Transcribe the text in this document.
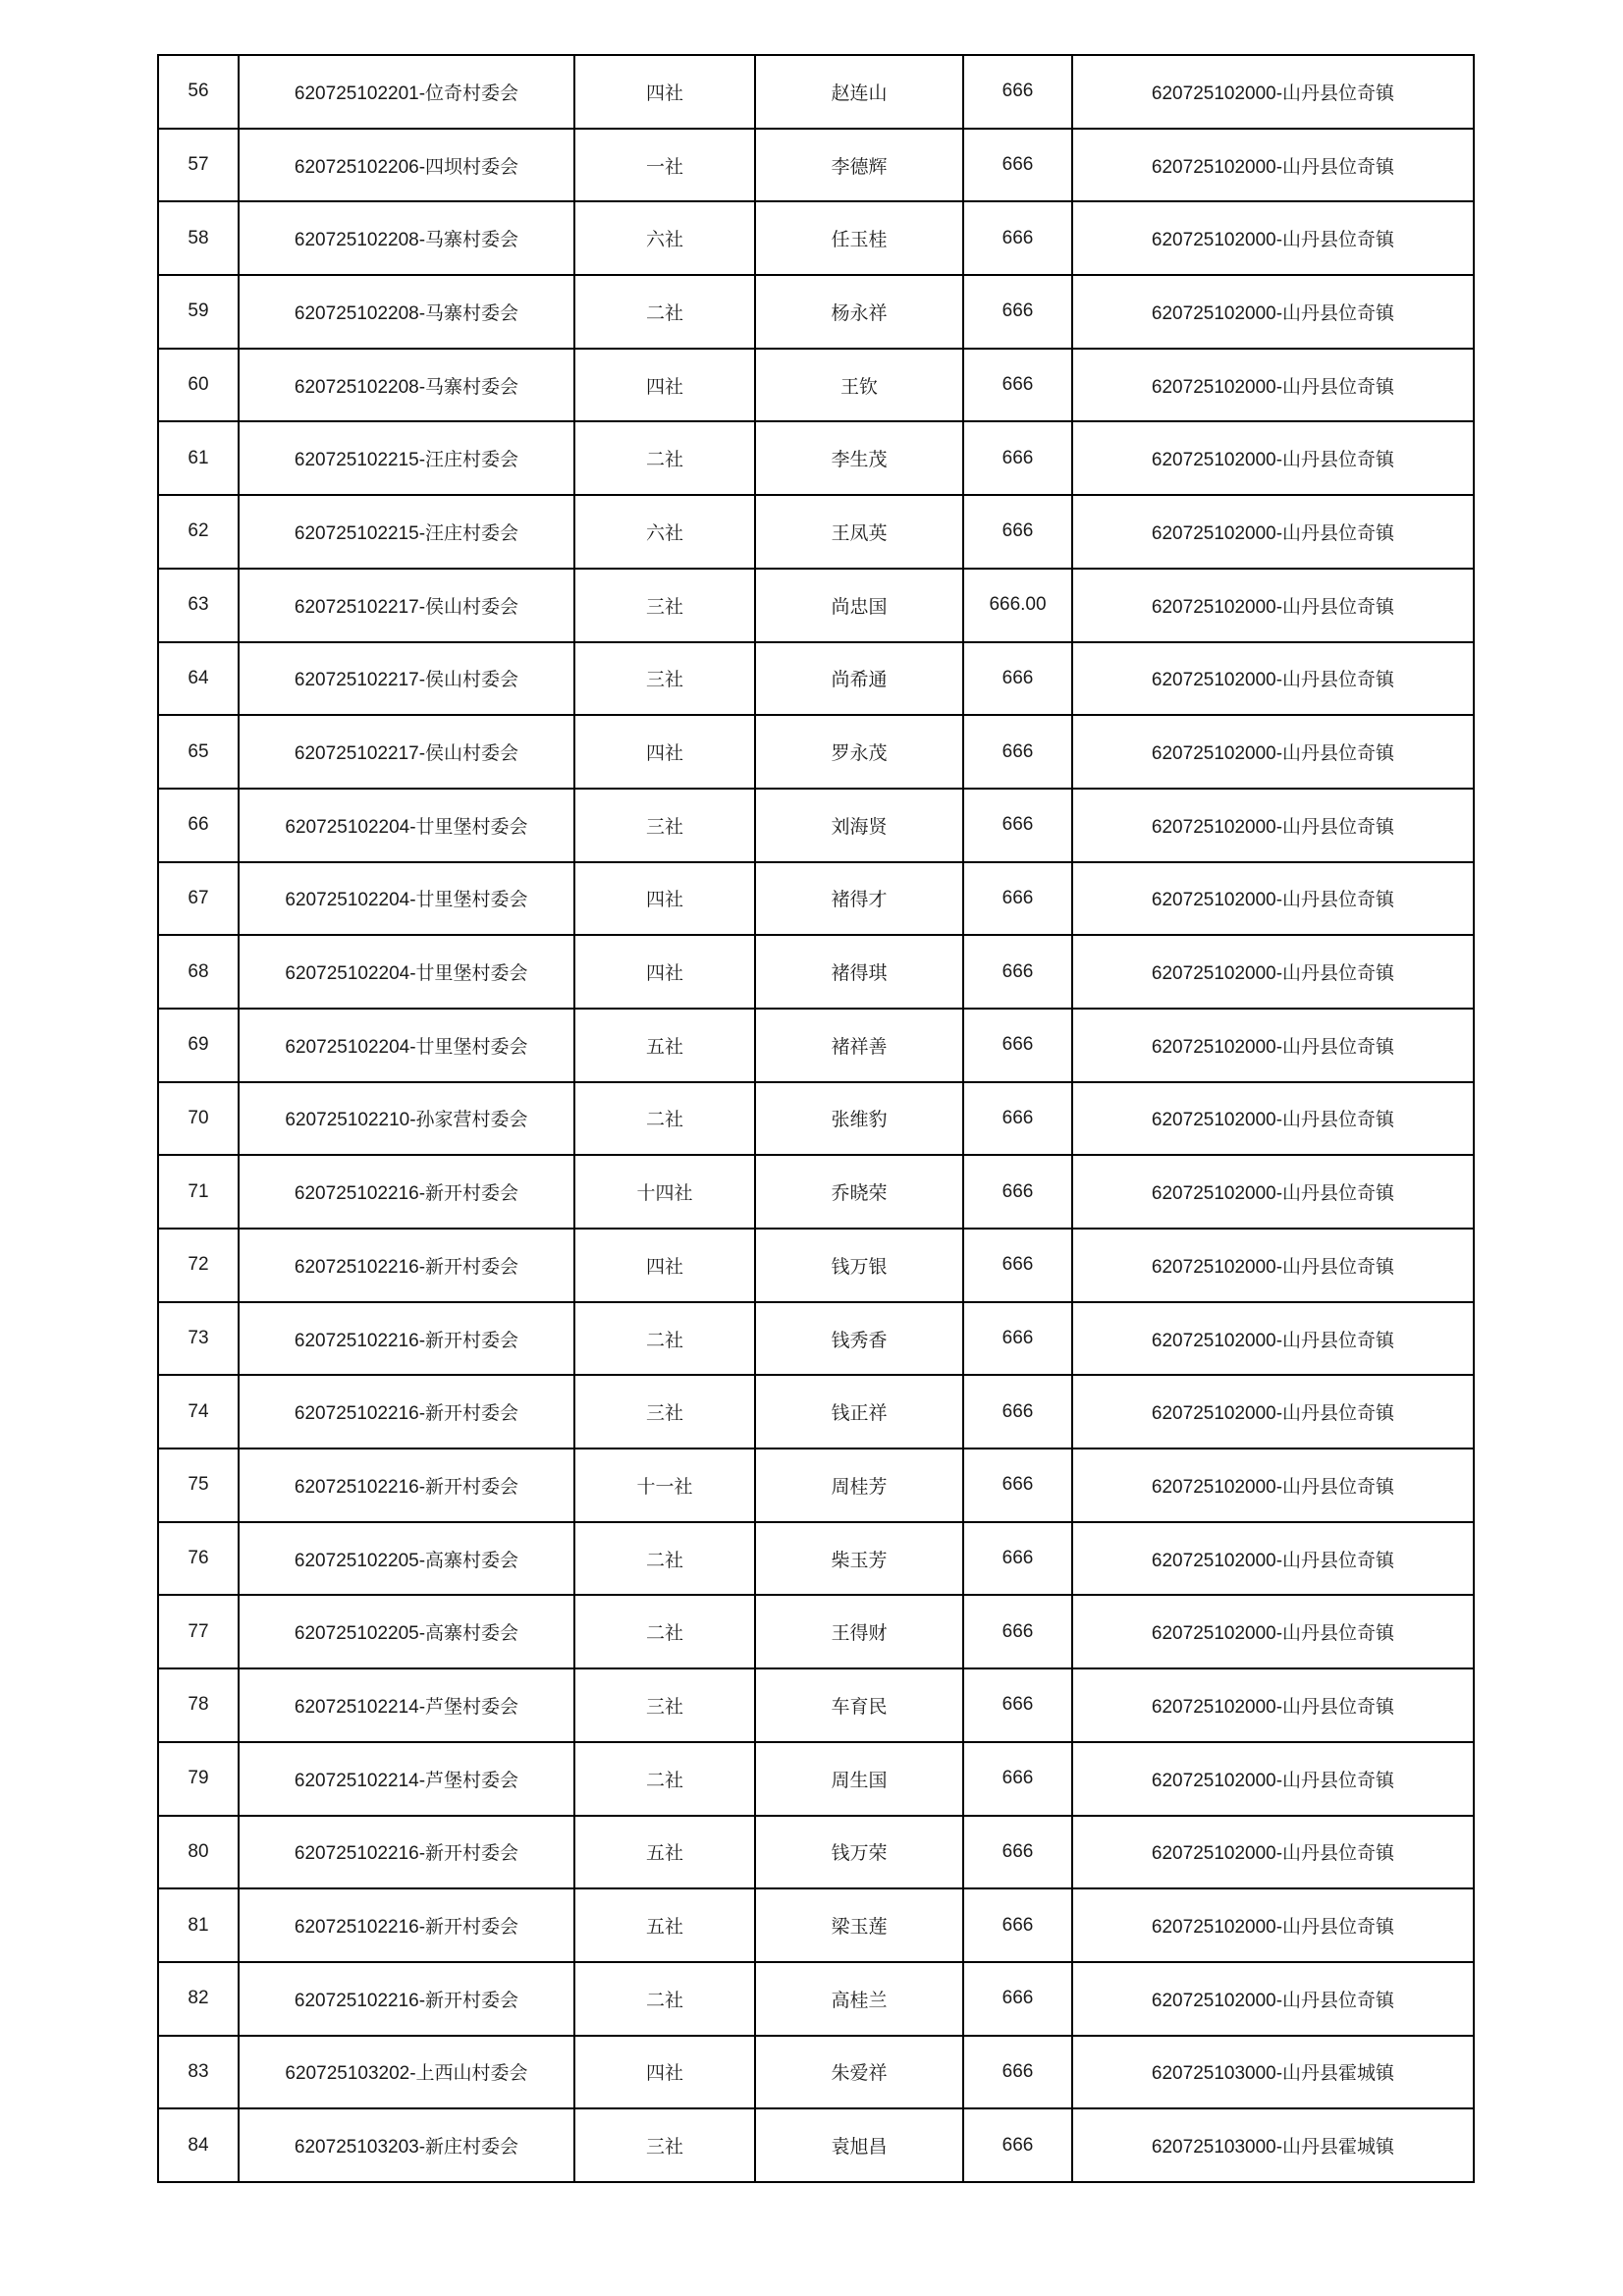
56	620725102201-位奇村委会	四社	赵连山	666	620725102000-山丹县位奇镇
57	620725102206-四坝村委会	一社	李德辉	666	620725102000-山丹县位奇镇
58	620725102208-马寨村委会	六社	任玉桂	666	620725102000-山丹县位奇镇
59	620725102208-马寨村委会	二社	杨永祥	666	620725102000-山丹县位奇镇
60	620725102208-马寨村委会	四社	王钦	666	620725102000-山丹县位奇镇
61	620725102215-汪庄村委会	二社	李生茂	666	620725102000-山丹县位奇镇
62	620725102215-汪庄村委会	六社	王凤英	666	620725102000-山丹县位奇镇
63	620725102217-侯山村委会	三社	尚忠国	666.00	620725102000-山丹县位奇镇
64	620725102217-侯山村委会	三社	尚希通	666	620725102000-山丹县位奇镇
65	620725102217-侯山村委会	四社	罗永茂	666	620725102000-山丹县位奇镇
66	620725102204-廿里堡村委会	三社	刘海贤	666	620725102000-山丹县位奇镇
67	620725102204-廿里堡村委会	四社	褚得才	666	620725102000-山丹县位奇镇
68	620725102204-廿里堡村委会	四社	褚得琪	666	620725102000-山丹县位奇镇
69	620725102204-廿里堡村委会	五社	褚祥善	666	620725102000-山丹县位奇镇
70	620725102210-孙家营村委会	二社	张维豹	666	620725102000-山丹县位奇镇
71	620725102216-新开村委会	十四社	乔晓荣	666	620725102000-山丹县位奇镇
72	620725102216-新开村委会	四社	钱万银	666	620725102000-山丹县位奇镇
73	620725102216-新开村委会	二社	钱秀香	666	620725102000-山丹县位奇镇
74	620725102216-新开村委会	三社	钱正祥	666	620725102000-山丹县位奇镇
75	620725102216-新开村委会	十一社	周桂芳	666	620725102000-山丹县位奇镇
76	620725102205-高寨村委会	二社	柴玉芳	666	620725102000-山丹县位奇镇
77	620725102205-高寨村委会	二社	王得财	666	620725102000-山丹县位奇镇
78	620725102214-芦堡村委会	三社	车育民	666	620725102000-山丹县位奇镇
79	620725102214-芦堡村委会	二社	周生国	666	620725102000-山丹县位奇镇
80	620725102216-新开村委会	五社	钱万荣	666	620725102000-山丹县位奇镇
81	620725102216-新开村委会	五社	梁玉莲	666	620725102000-山丹县位奇镇
82	620725102216-新开村委会	二社	高桂兰	666	620725102000-山丹县位奇镇
83	620725103202-上西山村委会	四社	朱爱祥	666	620725103000-山丹县霍城镇
84	620725103203-新庄村委会	三社	袁旭昌	666	620725103000-山丹县霍城镇
